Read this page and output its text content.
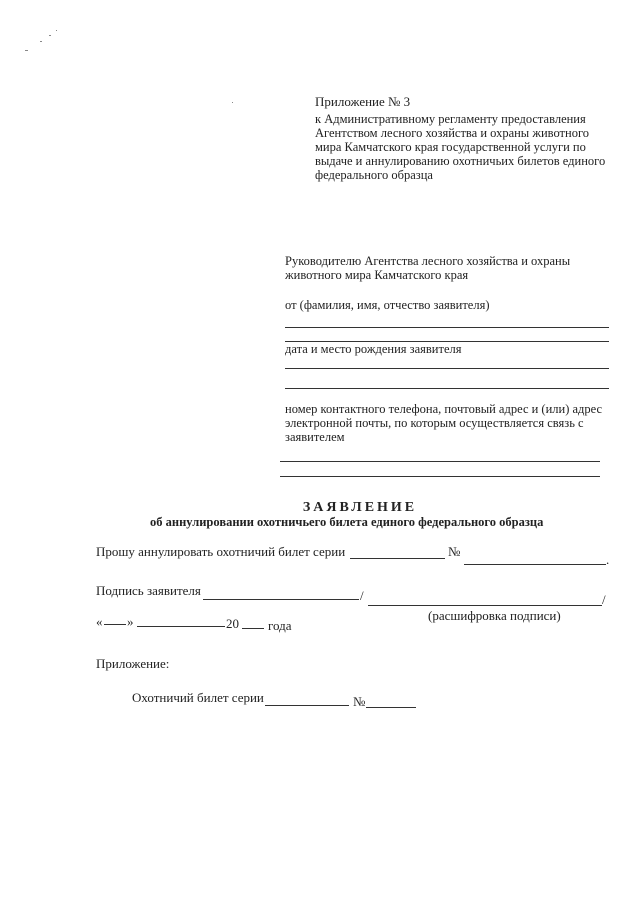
Приложение № 3
к Административному регламенту предоставления
Агентством лесного хозяйства и охраны животного
мира Камчатского края государственной услуги по
выдаче и аннулированию охотничьих билетов единого
федерального образца
Руководителю Агентства лесного хозяйства и охраны
животного мира Камчатского края
от (фамилия, имя, отчество заявителя)
дата и место рождения заявителя
номер контактного телефона, почтовый адрес и (или) адрес
электронной почты, по которым осуществляется связь с
заявителем
ЗАЯВЛЕНИЕ
об аннулировании охотничьего билета единого федерального образца
Прошу аннулировать охотничий билет серии	№
.
Подпись заявителя	/	/
(расшифровка подписи)
« »	20 года
Приложение:
Охотничий билет серии	№
